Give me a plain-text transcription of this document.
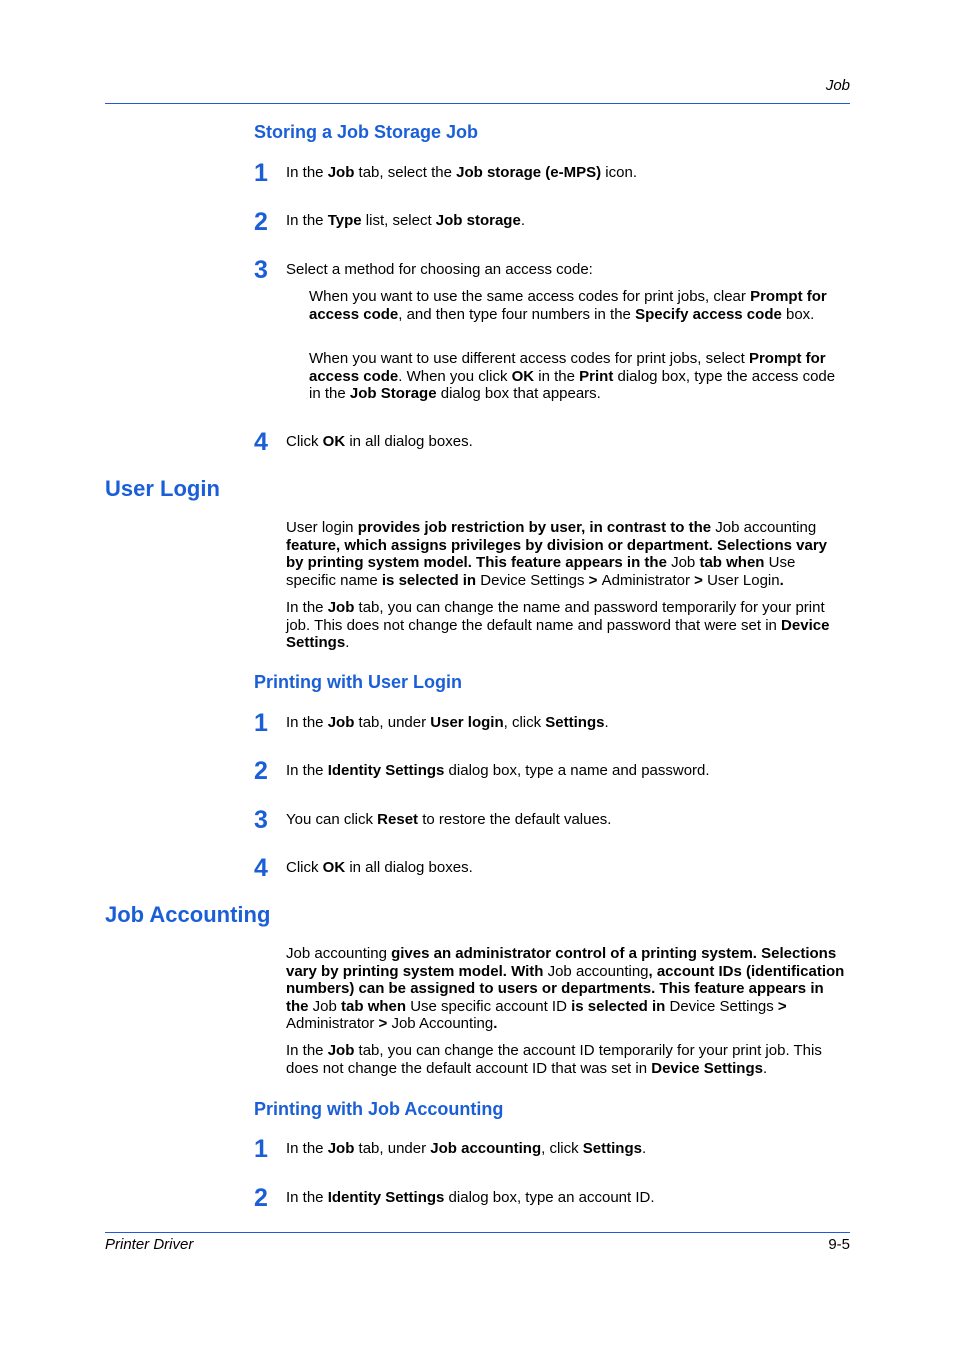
Job
Storing a Job Storage Job
1 In the Job tab, select the Job storage (e-MPS) icon.
2 In the Type list, select Job storage.
3 Select a method for choosing an access code:
When you want to use the same access codes for print jobs, clear Prompt for access code, and then type four numbers in the Specify access code box.
When you want to use different access codes for print jobs, select Prompt for access code. When you click OK in the Print dialog box, type the access code in the Job Storage dialog box that appears.
4 Click OK in all dialog boxes.
User Login
User login provides job restriction by user, in contrast to the Job accounting feature, which assigns privileges by division or department. Selections vary by printing system model. This feature appears in the Job tab when Use specific name is selected in Device Settings > Administrator > User Login.
In the Job tab, you can change the name and password temporarily for your print job. This does not change the default name and password that were set in Device Settings.
Printing with User Login
1 In the Job tab, under User login, click Settings.
2 In the Identity Settings dialog box, type a name and password.
3 You can click Reset to restore the default values.
4 Click OK in all dialog boxes.
Job Accounting
Job accounting gives an administrator control of a printing system. Selections vary by printing system model. With Job accounting, account IDs (identification numbers) can be assigned to users or departments. This feature appears in the Job tab when Use specific account ID is selected in Device Settings > Administrator > Job Accounting.
In the Job tab, you can change the account ID temporarily for your print job. This does not change the default account ID that was set in Device Settings.
Printing with Job Accounting
1 In the Job tab, under Job accounting, click Settings.
2 In the Identity Settings dialog box, type an account ID.
Printer Driver	9-5
